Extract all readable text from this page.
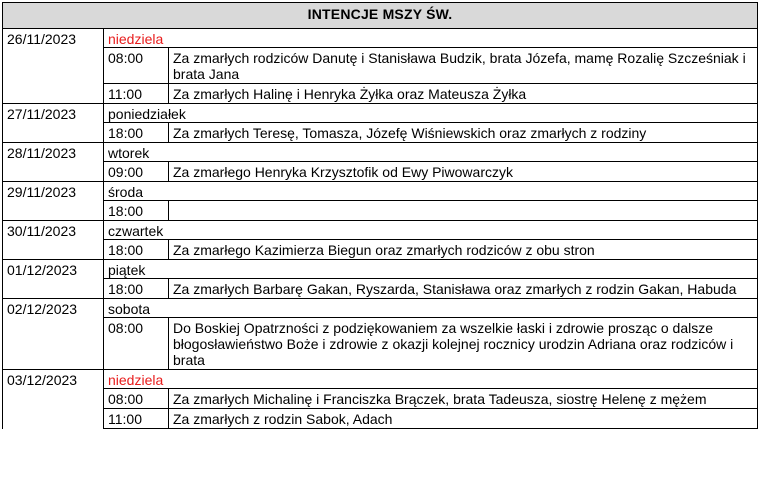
INTENCJE MSZY ŚW.		
26/11/2023	niedziela	
	08:00	Za zmarłych rodziców Danutę i Stanisława Budzik, brata Józefa, mamę Rozalię Szcześniak i brata Jana
	11:00	Za zmarłych Halinę i Henryka Żyłka oraz Mateusza Żyłka
27/11/2023	poniedziałek	
	18:00	Za zmarłych Teresę, Tomasza, Józefę Wiśniewskich oraz zmarłych z rodziny
28/11/2023	wtorek	
	09:00	Za zmarłego Henryka Krzysztofik od Ewy Piwowarczyk
29/11/2023	środa	
	18:00	
30/11/2023	czwartek	
	18:00	Za zmarłego Kazimierza Biegun oraz zmarłych rodziców z obu stron
01/12/2023	piątek	
	18:00	Za zmarłych Barbarę Gakan, Ryszarda, Stanisława oraz zmarłych z rodzin Gakan, Habuda
02/12/2023	sobota	
	08:00	Do Boskiej Opatrzności z podziękowaniem za wszelkie łaski i zdrowie prosząc o dalsze błogosławieństwo Boże i zdrowie z okazji kolejnej rocznicy urodzin Adriana oraz rodziców i brata
03/12/2023	niedziela	
	08:00	Za zmarłych Michalinę i Franciszka Brączek, brata Tadeusza, siostrę Helenę z mężem
	11:00	Za zmarłych z rodzin Sabok, Adach
